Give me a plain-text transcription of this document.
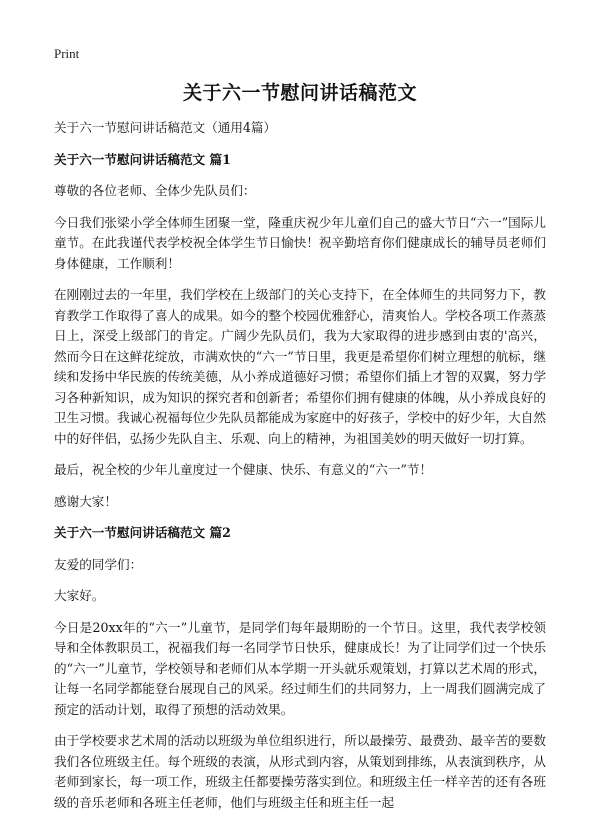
Print
关于六一节慰问讲话稿范文

关于六一节慰问讲话稿范文（通用4篇）

关于六一节慰问讲话稿范文 篇1

尊敬的各位老师、全体少先队员们：

今日我们张梁小学全体师生团聚一堂，隆重庆祝少年儿童们自己的盛大节日“六一”国际儿童节。在此我谨代表学校祝全体学生节日愉快！祝辛勤培育你们健康成长的辅导员老师们身体健康，工作顺利！

在刚刚过去的一年里，我们学校在上级部门的关心支持下，在全体师生的共同努力下，教育教学工作取得了喜人的成果。如今的整个校园优雅舒心，清爽怡人。学校各项工作蒸蒸日上，深受上级部门的肯定。广阔少先队员们，我为大家取得的进步感到由衷的'高兴，然而今日在这鲜花绽放，市满欢快的“六一”节日里，我更是希望你们树立理想的航标，继续和发扬中华民族的传统美德，从小养成道德好习惯；希望你们插上才智的双翼，努力学习各种新知识，成为知识的探究者和创新者；希望你们拥有健康的体魄，从小养成良好的卫生习惯。我诚心祝福每位少先队员都能成为家庭中的好孩子，学校中的好少年，大自然中的好伴侣，弘扬少先队自主、乐观、向上的精神，为祖国美妙的明天做好一切打算。

最后，祝全校的少年儿童度过一个健康、快乐、有意义的“六一”节！

感谢大家！

关于六一节慰问讲话稿范文 篇2

友爱的同学们：

大家好。

今日是20xx年的“六一”儿童节，是同学们每年最期盼的一个节日。这里，我代表学校领导和全体教职员工，祝福我们每一名同学节日快乐，健康成长！为了让同学们过一个快乐的“六一”儿童节，学校领导和老师们从本学期一开头就乐观策划，打算以艺术周的形式，让每一名同学都能登台展现自己的风采。经过师生们的共同努力，上一周我们圆满完成了预定的活动计划，取得了预想的活动效果。

由于学校要求艺术周的活动以班级为单位组织进行，所以最操劳、最费劲、最辛苦的要数我们各位班级主任。每个班级的表演，从形式到内容，从策划到排练，从表演到秩序，从老师到家长，每一项工作，班级主任都要操劳落实到位。和班级主任一样辛苦的还有各班级的音乐老师和各班主任老师，他们与班级主任和班主任一起
